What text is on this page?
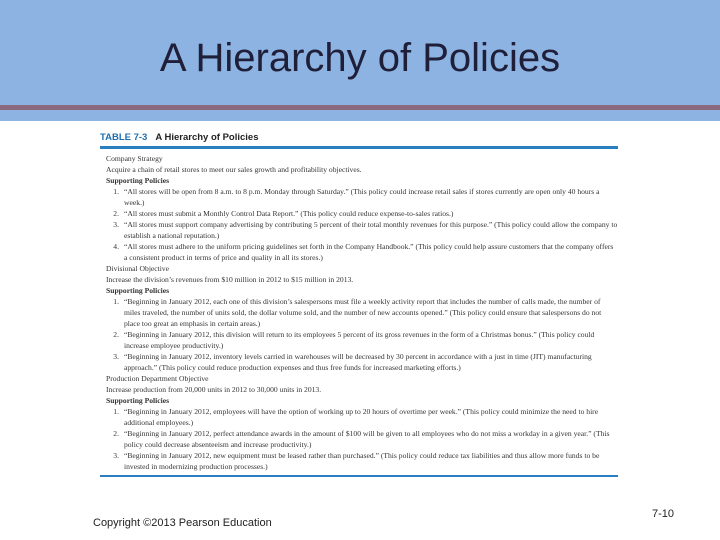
A Hierarchy of Policies
TABLE 7-3 A Hierarchy of Policies
Company Strategy
Acquire a chain of retail stores to meet our sales growth and profitability objectives.
Supporting Policies
1. “All stores will be open from 8 a.m. to 8 p.m. Monday through Saturday.” (This policy could increase retail sales if stores currently are open only 40 hours a week.)
2. “All stores must submit a Monthly Control Data Report.” (This policy could reduce expense-to-sales ratios.)
3. “All stores must support company advertising by contributing 5 percent of their total monthly revenues for this purpose.” (This policy could allow the company to establish a national reputation.)
4. “All stores must adhere to the uniform pricing guidelines set forth in the Company Handbook.” (This policy could help assure customers that the company offers a consistent product in terms of price and quality in all its stores.)
Divisional Objective
Increase the division’s revenues from $10 million in 2012 to $15 million in 2013.
Supporting Policies
1. “Beginning in January 2012, each one of this division’s salespersons must file a weekly activity report that includes the number of calls made, the number of miles traveled, the number of units sold, the dollar volume sold, and the number of new accounts opened.” (This policy could ensure that salespersons do not place too great an emphasis in certain areas.)
2. “Beginning in January 2012, this division will return to its employees 5 percent of its gross revenues in the form of a Christmas bonus.” (This policy could increase employee productivity.)
3. “Beginning in January 2012, inventory levels carried in warehouses will be decreased by 30 percent in accordance with a just in time (JIT) manufacturing approach.” (This policy could reduce production expenses and thus free funds for increased marketing efforts.)
Production Department Objective
Increase production from 20,000 units in 2012 to 30,000 units in 2013.
Supporting Policies
1. “Beginning in January 2012, employees will have the option of working up to 20 hours of overtime per week.” (This policy could minimize the need to hire additional employees.)
2. “Beginning in January 2012, perfect attendance awards in the amount of $100 will be given to all employees who do not miss a workday in a given year.” (This policy could decrease absenteeism and increase productivity.)
3. “Beginning in January 2012, new equipment must be leased rather than purchased.” (This policy could reduce tax liabilities and thus allow more funds to be invested in modernizing production processes.)
Copyright ©2013 Pearson Education
7-10
